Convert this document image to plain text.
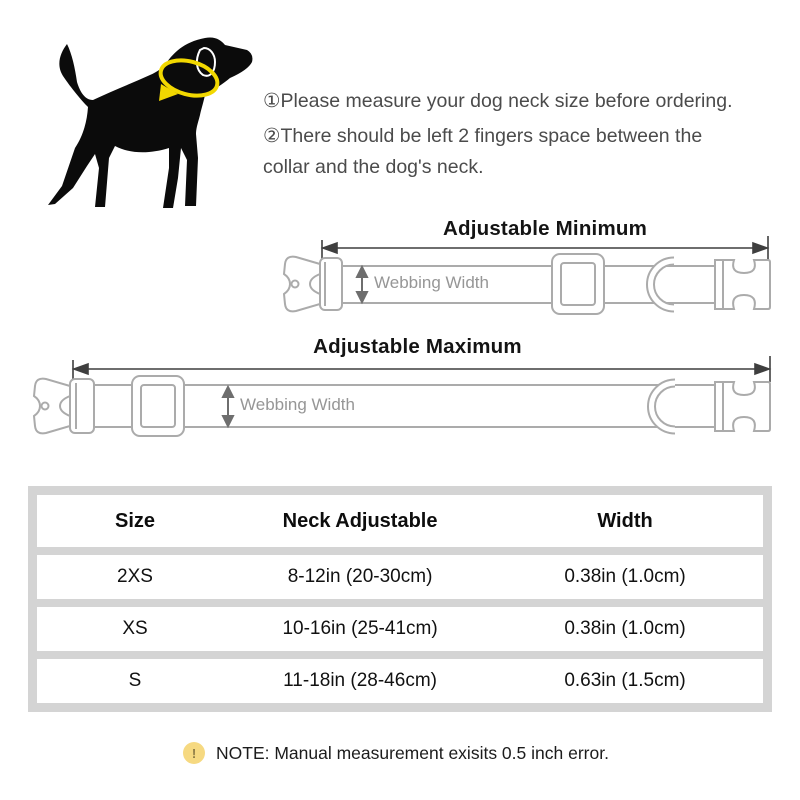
①Please measure your dog neck size before ordering.
②There should be left 2 fingers space between the
collar and the dog's neck.
Adjustable Minimum
Webbing Width
Adjustable Maximum
Webbing Width
Size	Neck Adjustable	Width
2XS	8-12in (20-30cm)	0.38in (1.0cm)
XS	10-16in (25-41cm)	0.38in (1.0cm)
S	11-18in (28-46cm)	0.63in (1.5cm)
!	NOTE: Manual measurement exisits 0.5 inch error.
